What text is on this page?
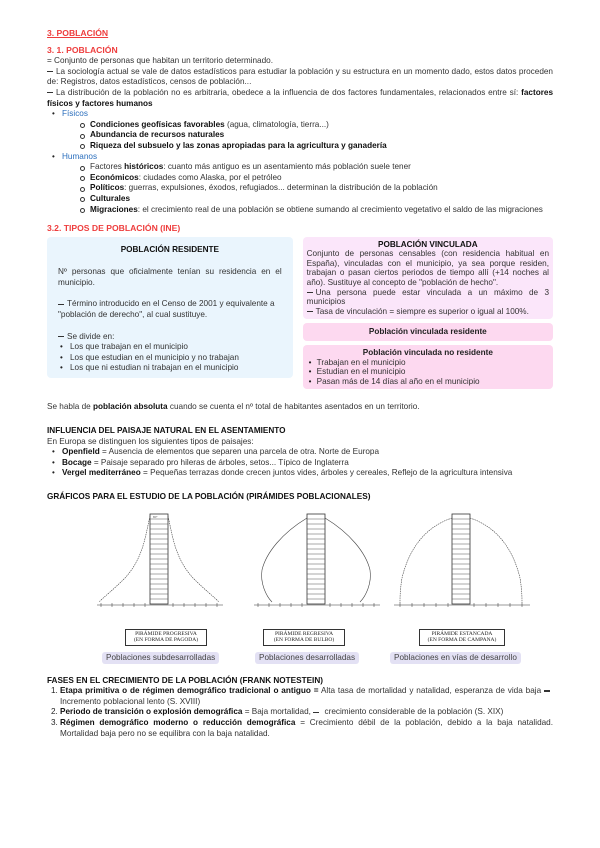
3. POBLACIÓN
3. 1. POBLACIÓN

= Conjunto de personas que habitan un territorio determinado.

La sociología actual se vale de datos estadísticos para estudiar la población y su estructura en un momento dado, estos datos proceden de: Registros, datos estadísticos, censos de población...

La distribución de la población no es arbitraria, obedece a la influencia de dos factores fundamentales, relacionados entre sí: factores físicos y factores humanos

• Físicos
Condiciones geofísicas favorables (agua, climatología, tierra...)
Abundancia de recursos naturales
Riqueza del subsuelo y las zonas apropiadas para la agricultura y ganadería
• Humanos
Factores históricos: cuanto más antiguo es un asentamiento más población suele tener
Económicos: ciudades como Alaska, por el petróleo
Políticos: guerras, expulsiones, éxodos, refugiados... determinan la distribución de la población
Culturales
Migraciones: el crecimiento real de una población se obtiene sumando al crecimiento vegetativo el saldo de las migraciones
3.2. TIPOS DE POBLACIÓN (INE)
POBLACIÓN RESIDENTE

Nº personas que oficialmente tenían su residencia en el municipio.

Término introducido en el Censo de 2001 y equivalente a "población de derecho", al cual sustituye.

Se divide en:

• Los que trabajan en el municipio
• Los que estudian en el municipio y no trabajan
• Los que ni estudian ni trabajan en el municipio
POBLACIÓN VINCULADA

Conjunto de personas censables (con residencia habitual en España), vinculadas con el municipio, ya sea porque residen, trabajan o pasan ciertos periodos de tiempo allí (+14 noches al año). Sustituye al concepto de "población de hecho".

Una persona puede estar vinculada a un máximo de 3 municipios

Tasa de vinculación = siempre es superior o igual al 100%.

Población vinculada residente
Población vinculada no residente
• Trabajan en el municipio
• Estudian en el municipio
• Pasan más de 14 días al año en el municipio

Se habla de población absoluta cuando se cuenta el nº total de habitantes asentados en un territorio.

INFLUENCIA DEL PAISAJE NATURAL EN EL ASENTAMIENTO

En Europa se distinguen los siguientes tipos de paisajes:

• Openfield = Ausencia de elementos que separen una parcela de otra. Norte de Europa
• Bocage = Paisaje separado pro hileras de árboles, setos... Típico de Inglaterra
• Vergel mediterráneo = Pequeñas terrazas donde crecen juntos vides, árboles y cereales, Reflejo de la agricultura intensiva
GRÁFICOS PARA EL ESTUDIO DE LA POBLACIÓN (PIRÁMIDES POBLACIONALES)
65+
PIRÁMIDE PROGRESIVA
(EN FORMA DE PAGODA)
PIRÁMIDE REGRESIVA
(EN FORMA DE BULBO)
PIRÁMIDE ESTANCADA
(EN FORMA DE CAMPANA)
Poblaciones subdesarrolladas	Poblaciones desarrolladas	Poblaciones en vías de desarrollo
FASES EN EL CRECIMIENTO DE LA POBLACIÓN (FRANK NOTESTEIN)
1. Etapa primitiva o de régimen demográfico tradicional o antiguo = Alta tasa de mortalidad y natalidad, esperanza de vida baja  Incremento poblacional lento (S. XVIII)
2. Periodo de transición o explosión demográfica = Baja mortalidad,  crecimiento considerable de la población (S. XIX)
3. Régimen demográfico moderno o reducción demográfica = Crecimiento débil de la población, debido a la baja natalidad. Mortalidad baja pero no se equilibra con la baja natalidad.
